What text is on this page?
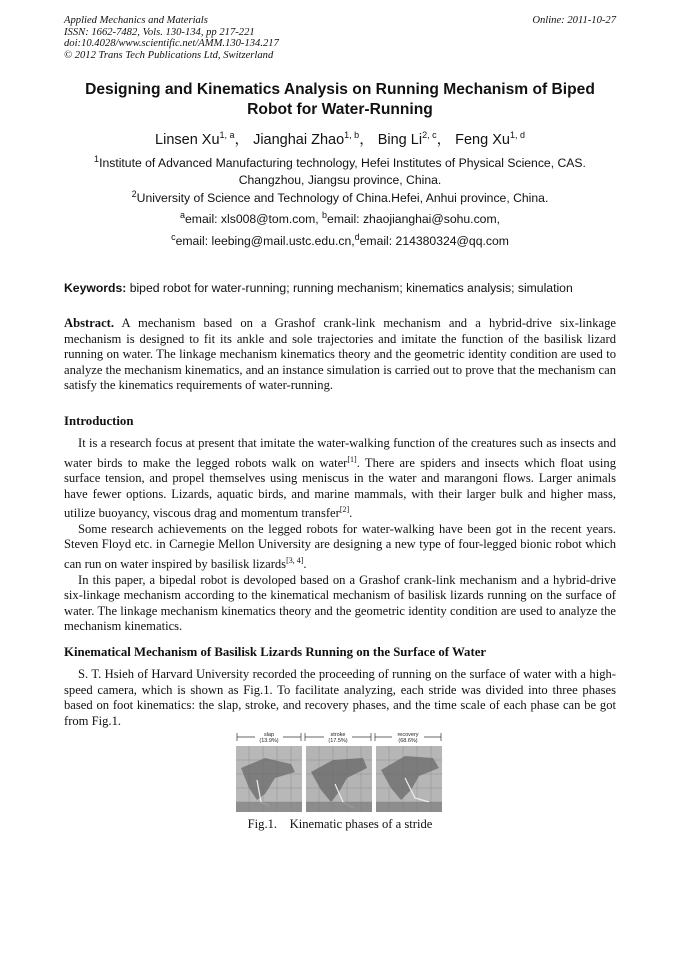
Applied Mechanics and Materials
ISSN: 1662-7482, Vols. 130-134, pp 217-221
doi:10.4028/www.scientific.net/AMM.130-134.217
© 2012 Trans Tech Publications Ltd, Switzerland
Online: 2011-10-27
Designing and Kinematics Analysis on Running Mechanism of Biped
Robot for Water-Running
Linsen Xu$^{1, a}$， Jianghai Zhao$^{1, b}$， Bing Li$^{2, c}$， Feng Xu$^{1, d}$
$^1$Institute of Advanced Manufacturing technology, Hefei Institutes of Physical Science, CAS.
Changzhou, Jiangsu province, China.
$^2$University of Science and Technology of China.Hefei, Anhui province, China.
$^a$email: xls008@tom.com, $^b$email: zhaojianghai@sohu.com,
$^c$email: leebing@mail.ustc.edu.cn,$^d$email: 214380324@qq.com
Keywords: biped robot for water-running; running mechanism; kinematics analysis; simulation

Abstract. A mechanism based on a Grashof crank-link mechanism and a hybrid-drive six-linkage mechanism is designed to fit its ankle and sole trajectories and imitate the function of the basilisk lizard running on water. The linkage mechanism kinematics theory and the geometric identity condition are used to analyze the mechanism kinematics, and an instance simulation is carried out to prove that the mechanism can satisfy the kinematics requirements of water-running.

Introduction

It is a research focus at present that imitate the water-walking function of the creatures such as insects and water birds to make the legged robots walk on water[1]. There are spiders and insects which float using surface tension, and propel themselves using meniscus in the water and marangoni flows. Larger animals have fewer options. Lizards, aquatic birds, and marine mammals, with their larger bulk and higher mass, utilize buoyancy, viscous drag and momentum transfer[2].

Some research achievements on the legged robots for water-walking have been got in the recent years. Steven Floyd etc. in Carnegie Mellon University are designing a new type of four-legged bionic robot which can run on water inspired by basilisk lizards[3, 4].

In this paper, a bipedal robot is devoloped based on a Grashof crank-link mechanism and a hybrid-drive six-linkage mechanism according to the kinematical mechanism of basilisk lizards running on the surface of water. The linkage mechanism kinematics theory and the geometric identity condition are used to analyze the mechanism kinematics.

Kinematical Mechanism of Basilisk Lizards Running on the Surface of Water

S. T. Hsieh of Harvard University recorded the proceeding of running on the surface of water with a high-speed camera, which is shown as Fig.1. To facilitate analyzing, each stride was divided into three phases based on foot kinematics: the slap, stroke, and recovery phases, and the time scale of each phase can be got from Fig.1.

slap
(13.9%)
stroke
(17.5%)
recovery
(68.6%)
Fig.1.    Kinematic phases of a stride
